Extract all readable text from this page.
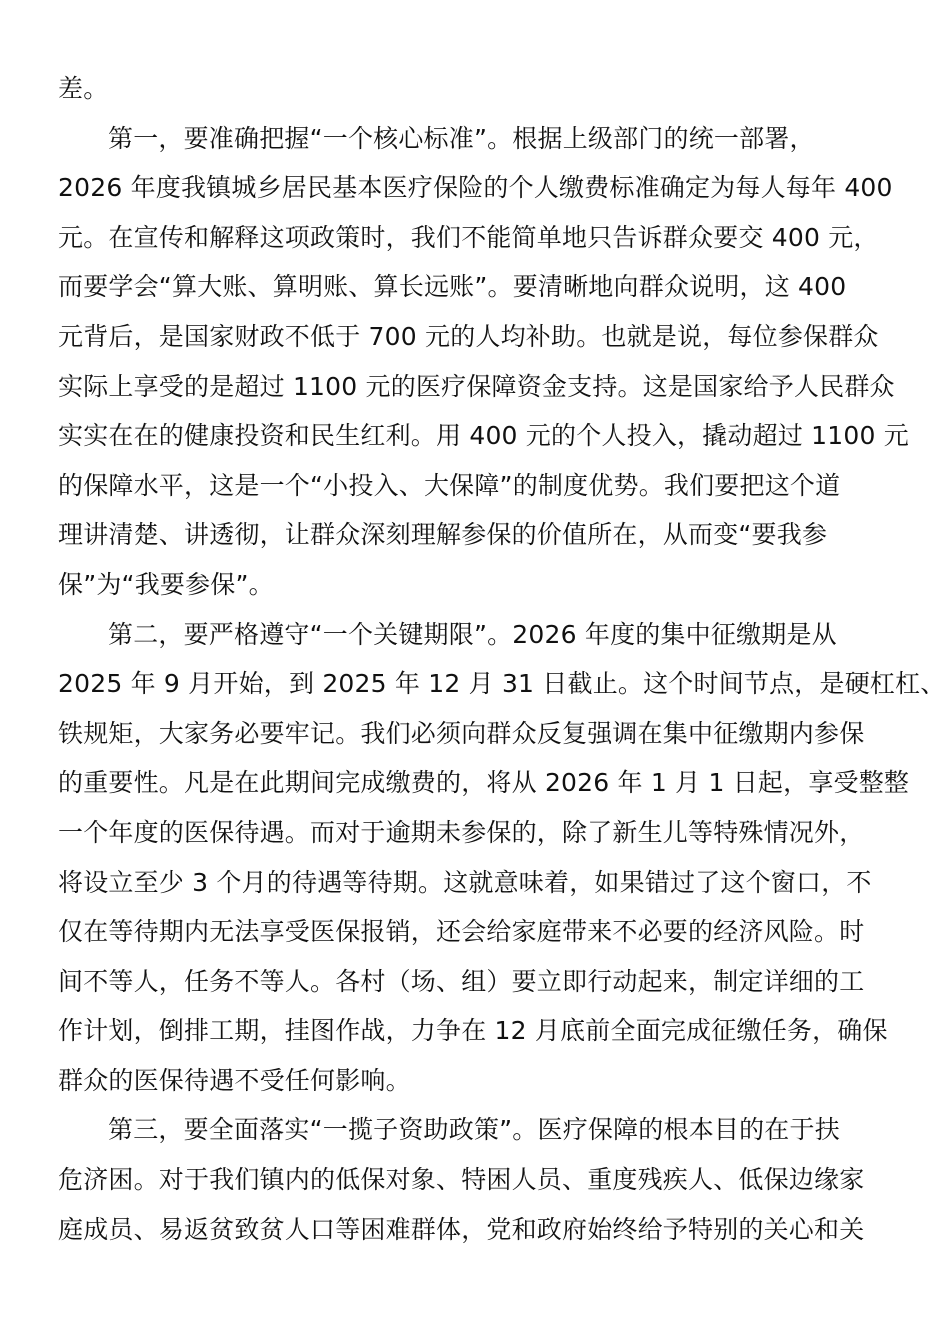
差。
第一，要准确把握“一个核心标准”。根据上级部门的统一部署，
2026 年度我镇城乡居民基本医疗保险的个人缴费标准确定为每人每年 400
元。在宣传和解释这项政策时，我们不能简单地只告诉群众要交 400 元，
而要学会“算大账、算明账、算长远账”。要清晰地向群众说明，这 400
元背后，是国家财政不低于 700 元的人均补助。也就是说，每位参保群众
实际上享受的是超过 1100 元的医疗保障资金支持。这是国家给予人民群众
实实在在的健康投资和民生红利。用 400 元的个人投入，撬动超过 1100 元
的保障水平，这是一个“小投入、大保障”的制度优势。我们要把这个道
理讲清楚、讲透彻，让群众深刻理解参保的价值所在，从而变“要我参
保”为“我要参保”。
第二，要严格遵守“一个关键期限”。2026 年度的集中征缴期是从
2025 年 9 月开始，到 2025 年 12 月 31 日截止。这个时间节点，是硬杠杠、
铁规矩，大家务必要牢记。我们必须向群众反复强调在集中征缴期内参保
的重要性。凡是在此期间完成缴费的，将从 2026 年 1 月 1 日起，享受整整
一个年度的医保待遇。而对于逾期未参保的，除了新生儿等特殊情况外，
将设立至少 3 个月的待遇等待期。这就意味着，如果错过了这个窗口，不
仅在等待期内无法享受医保报销，还会给家庭带来不必要的经济风险。时
间不等人，任务不等人。各村（场、组）要立即行动起来，制定详细的工
作计划，倒排工期，挂图作战，力争在 12 月底前全面完成征缴任务，确保
群众的医保待遇不受任何影响。
第三，要全面落实“一揽子资助政策”。医疗保障的根本目的在于扶
危济困。对于我们镇内的低保对象、特困人员、重度残疾人、低保边缘家
庭成员、易返贫致贫人口等困难群体，党和政府始终给予特别的关心和关
